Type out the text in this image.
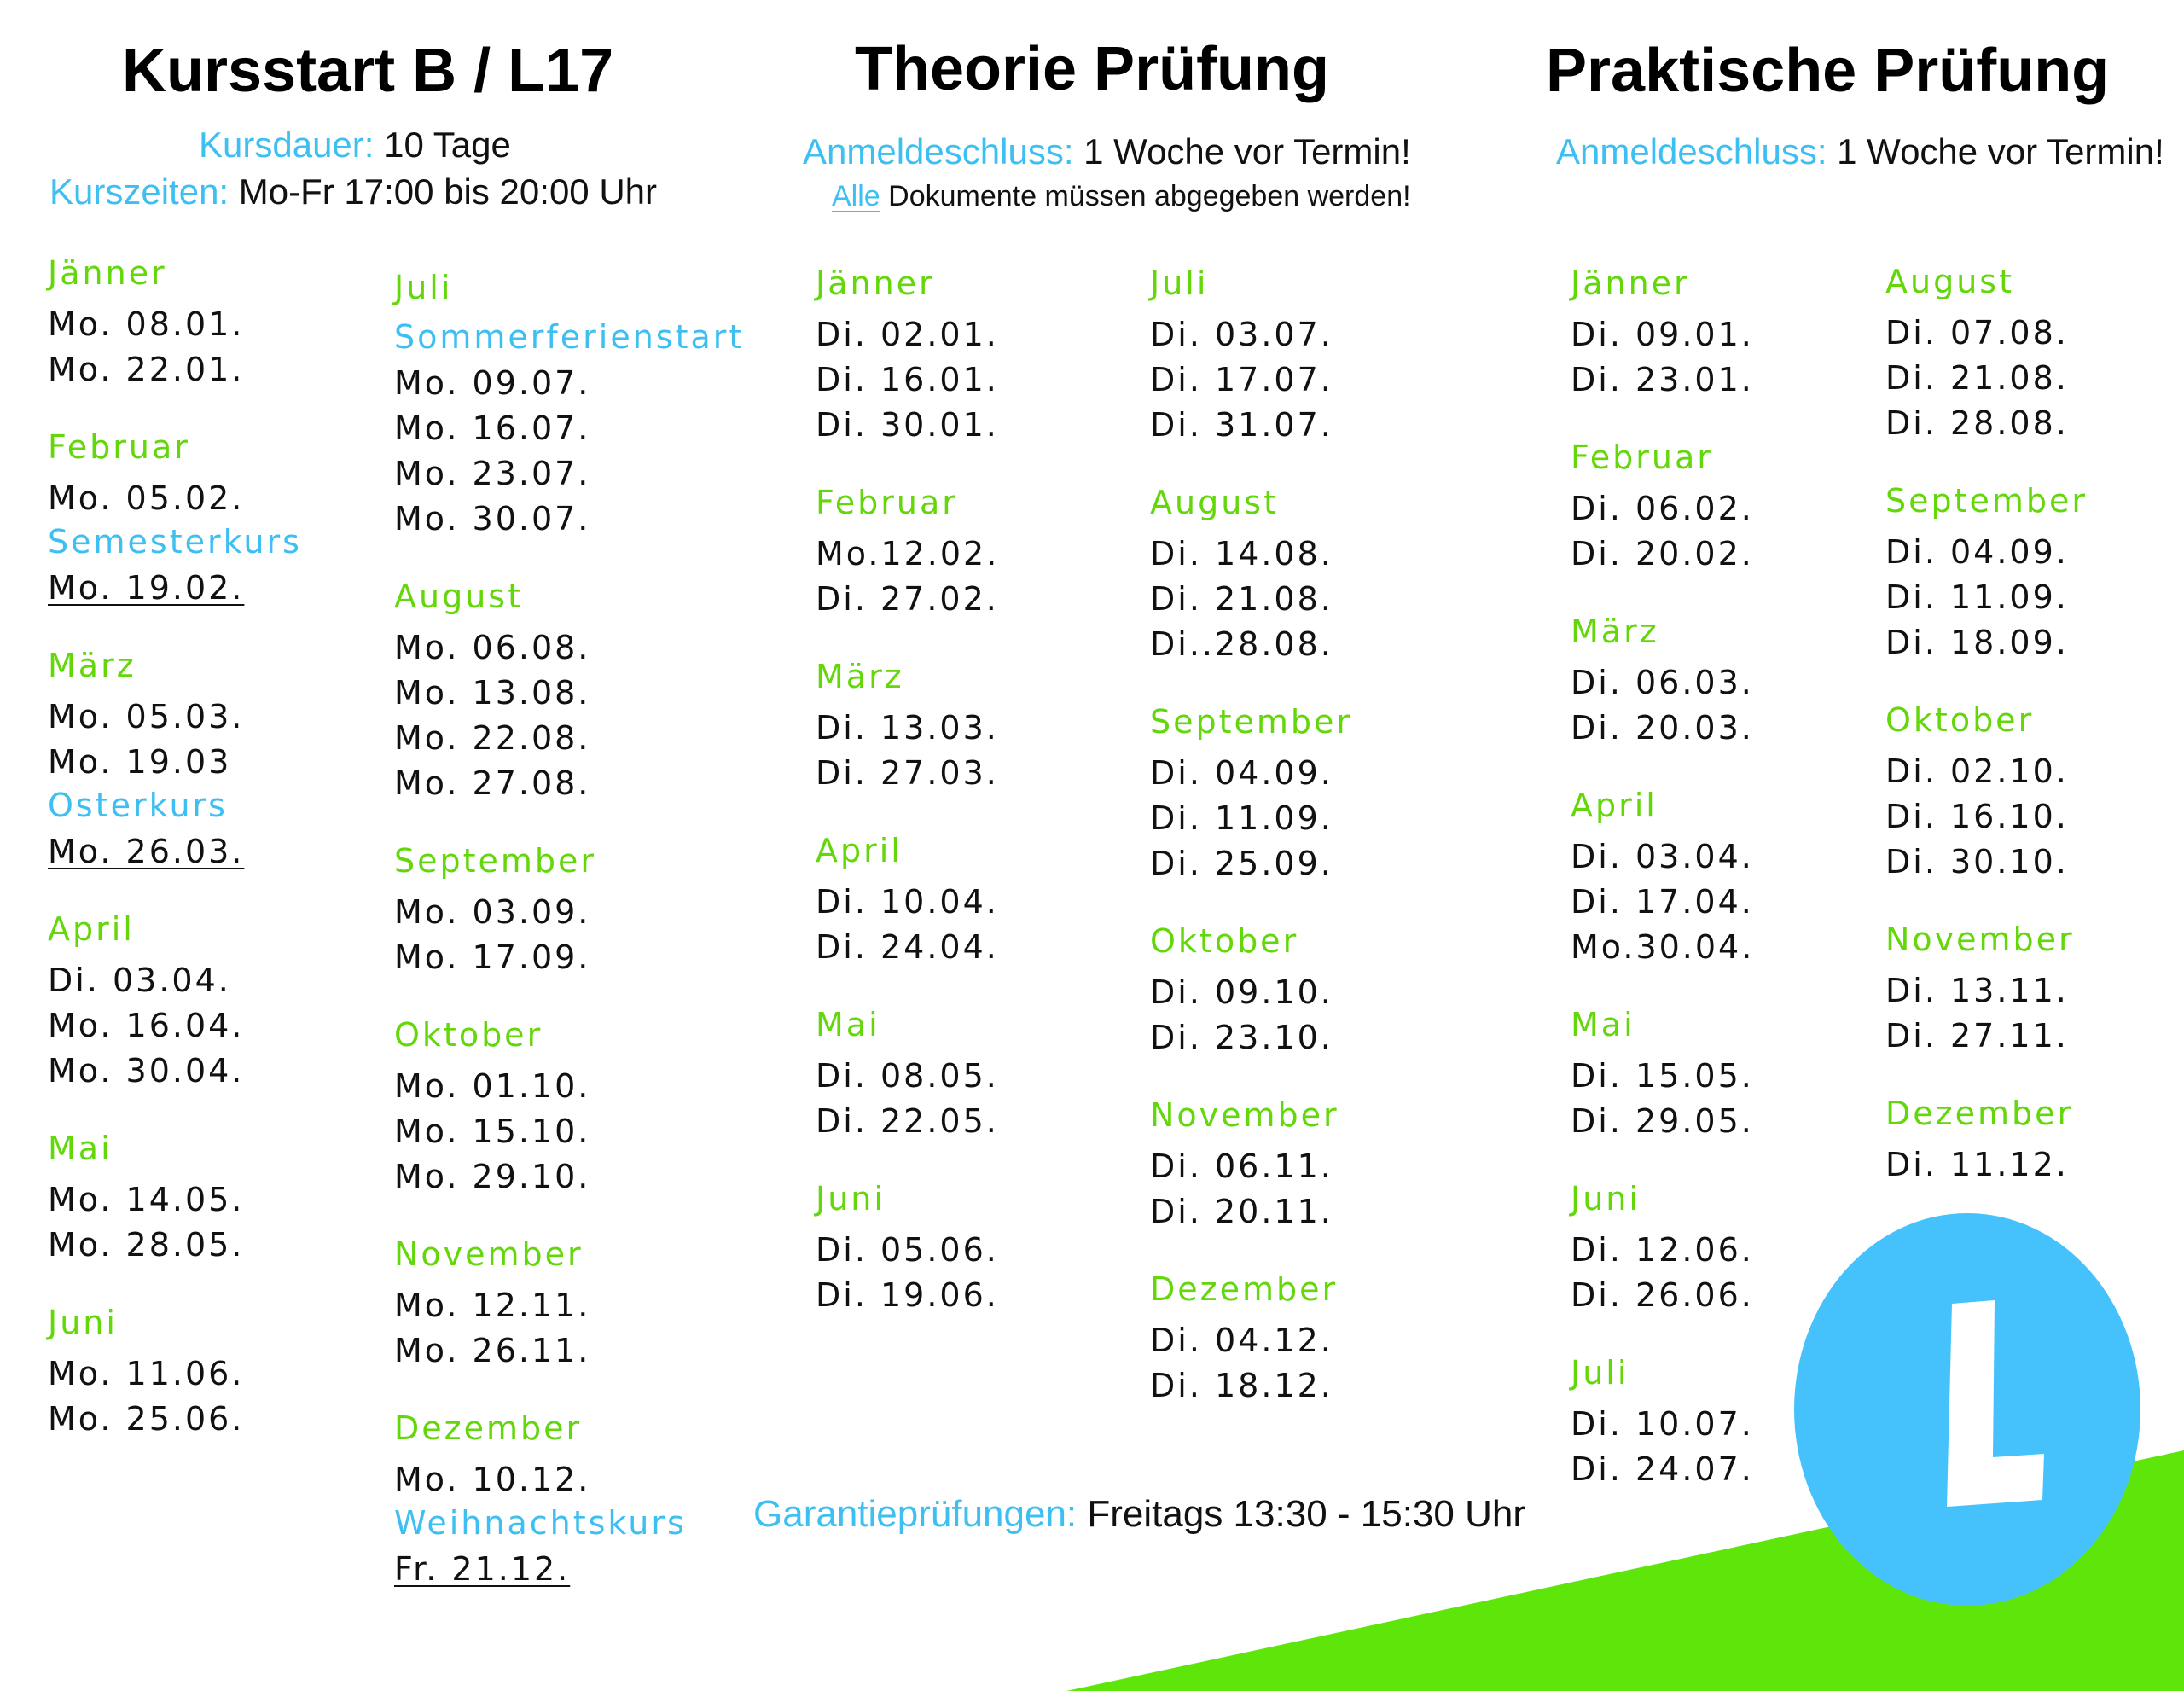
Kursstart B / L17

Kursdauer: 10 Tage

Kurszeiten: Mo-Fr 17:00 bis 20:00 Uhr

Jänner
Mo. 08.01.
Mo. 22.01.
Februar
Mo. 05.02.
Semesterkurs
Mo. 19.02.
März
Mo. 05.03.
Mo. 19.03
Osterkurs
Mo. 26.03.
April
Di. 03.04.
Mo. 16.04.
Mo. 30.04.
Mai
Mo. 14.05.
Mo. 28.05.
Juni
Mo. 11.06.
Mo. 25.06.
Juli
Sommerferienstart
Mo. 09.07.
Mo. 16.07.
Mo. 23.07.
Mo. 30.07.
August
Mo. 06.08.
Mo. 13.08.
Mo. 22.08.
Mo. 27.08.
September
Mo. 03.09.
Mo. 17.09.
Oktober
Mo. 01.10.
Mo. 15.10.
Mo. 29.10.
November
Mo. 12.11.
Mo. 26.11.
Dezember
Mo. 10.12.
Weihnachtskurs
Fr. 21.12.
Theorie Prüfung

Anmeldeschluss: 1 Woche vor Termin!

Alle Dokumente müssen abgegeben werden!

Jänner
Di. 02.01.
Di. 16.01.
Di. 30.01.
Februar
Mo.12.02.
Di. 27.02.
März
Di. 13.03.
Di. 27.03.
April
Di. 10.04.
Di. 24.04.
Mai
Di. 08.05.
Di. 22.05.
Juni
Di. 05.06.
Di. 19.06.
Juli
Di. 03.07.
Di. 17.07.
Di. 31.07.
August
Di. 14.08.
Di. 21.08.
Di..28.08.
September
Di. 04.09.
Di. 11.09.
Di. 25.09.
Oktober
Di. 09.10.
Di. 23.10.
November
Di. 06.11.
Di. 20.11.
Dezember
Di. 04.12.
Di. 18.12.
Garantieprüfungen: Freitags 13:30 - 15:30 Uhr
Praktische Prüfung

Anmeldeschluss: 1 Woche vor Termin!

Jänner
Di. 09.01.
Di. 23.01.
Februar
Di. 06.02.
Di. 20.02.
März
Di. 06.03.
Di. 20.03.
April
Di. 03.04.
Di. 17.04.
Mo.30.04.
Mai
Di. 15.05.
Di. 29.05.
Juni
Di. 12.06.
Di. 26.06.
Juli
Di. 10.07.
Di. 24.07.
August
Di. 07.08.
Di. 21.08.
Di. 28.08.
September
Di. 04.09.
Di. 11.09.
Di. 18.09.
Oktober
Di. 02.10.
Di. 16.10.
Di. 30.10.
November
Di. 13.11.
Di. 27.11.
Dezember
Di. 11.12.
